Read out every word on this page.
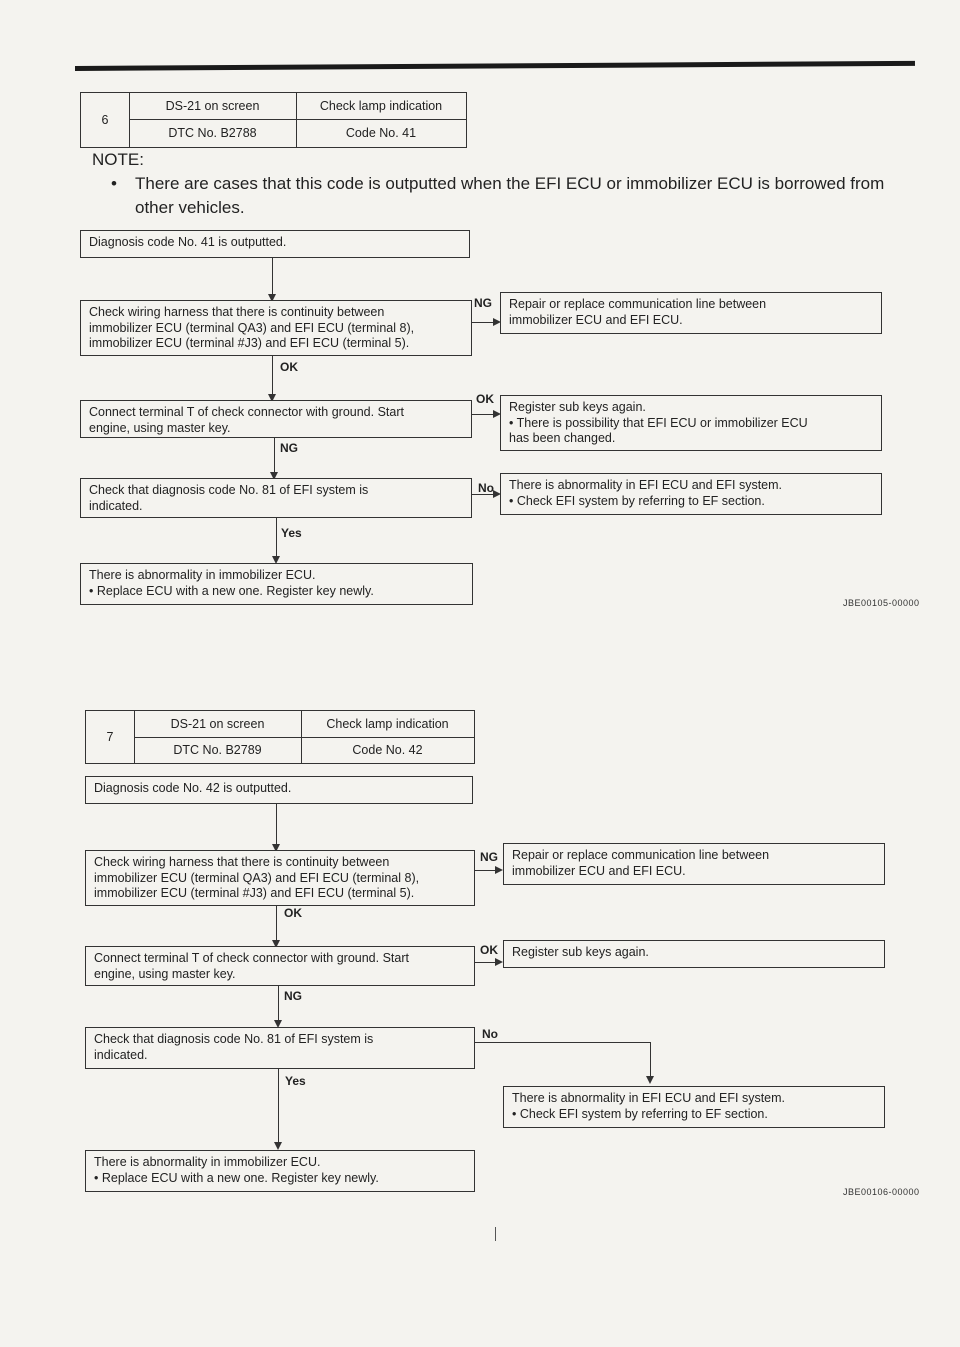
6
DS-21 on screen	Check lamp indication
DTC No. B2788	Code No. 41
NOTE:
• There are cases that this code is outputted when the EFI ECU or immobilizer ECU is borrowed from other vehicles.
Diagnosis code No. 41 is outputted.
Check wiring harness that there is continuity between
immobilizer ECU (terminal QA3) and EFI ECU (terminal 8),
immobilizer ECU (terminal #J3) and EFI ECU (terminal 5).
NG	Repair or replace communication line between
immobilizer ECU and EFI ECU.
OK
Connect terminal T of check connector with ground. Start
engine, using master key.
OK
Register sub keys again.
• There is possibility that EFI ECU or immobilizer ECU
has been changed.
NG
Check that diagnosis code No. 81 of EFI system is
indicated.
No	There is abnormality in EFI ECU and EFI system.
• Check EFI system by referring to EF section.
Yes
There is abnormality in immobilizer ECU.
• Replace ECU with a new one. Register key newly.
JBE00105-00000
7
DS-21 on screen	Check lamp indication
DTC No. B2789	Code No. 42
Diagnosis code No. 42 is outputted.
Check wiring harness that there is continuity between
immobilizer ECU (terminal QA3) and EFI ECU (terminal 8),
immobilizer ECU (terminal #J3) and EFI ECU (terminal 5).
NG	Repair or replace communication line between
immobilizer ECU and EFI ECU.
OK
Connect terminal T of check connector with ground. Start
engine, using master key.
OK	Register sub keys again.
NG
Check that diagnosis code No. 81 of EFI system is
indicated.
No
There is abnormality in EFI ECU and EFI system.
• Check EFI system by referring to EF section.
Yes
There is abnormality in immobilizer ECU.
• Replace ECU with a new one. Register key newly.
JBE00106-00000
